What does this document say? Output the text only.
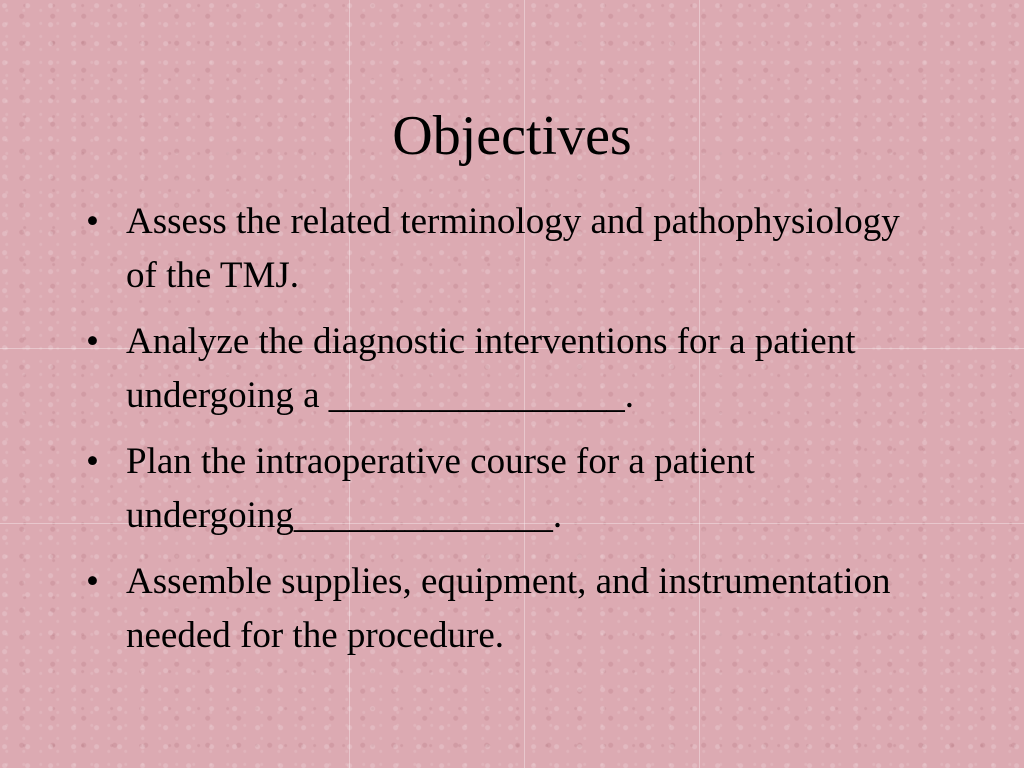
Objectives
• Assess the related terminology and pathophysiology of the TMJ.
• Analyze the diagnostic interventions for a patient undergoing a ________________.
• Plan the intraoperative course for a patient undergoing______________.
• Assemble supplies, equipment, and instrumentation needed for the procedure.
